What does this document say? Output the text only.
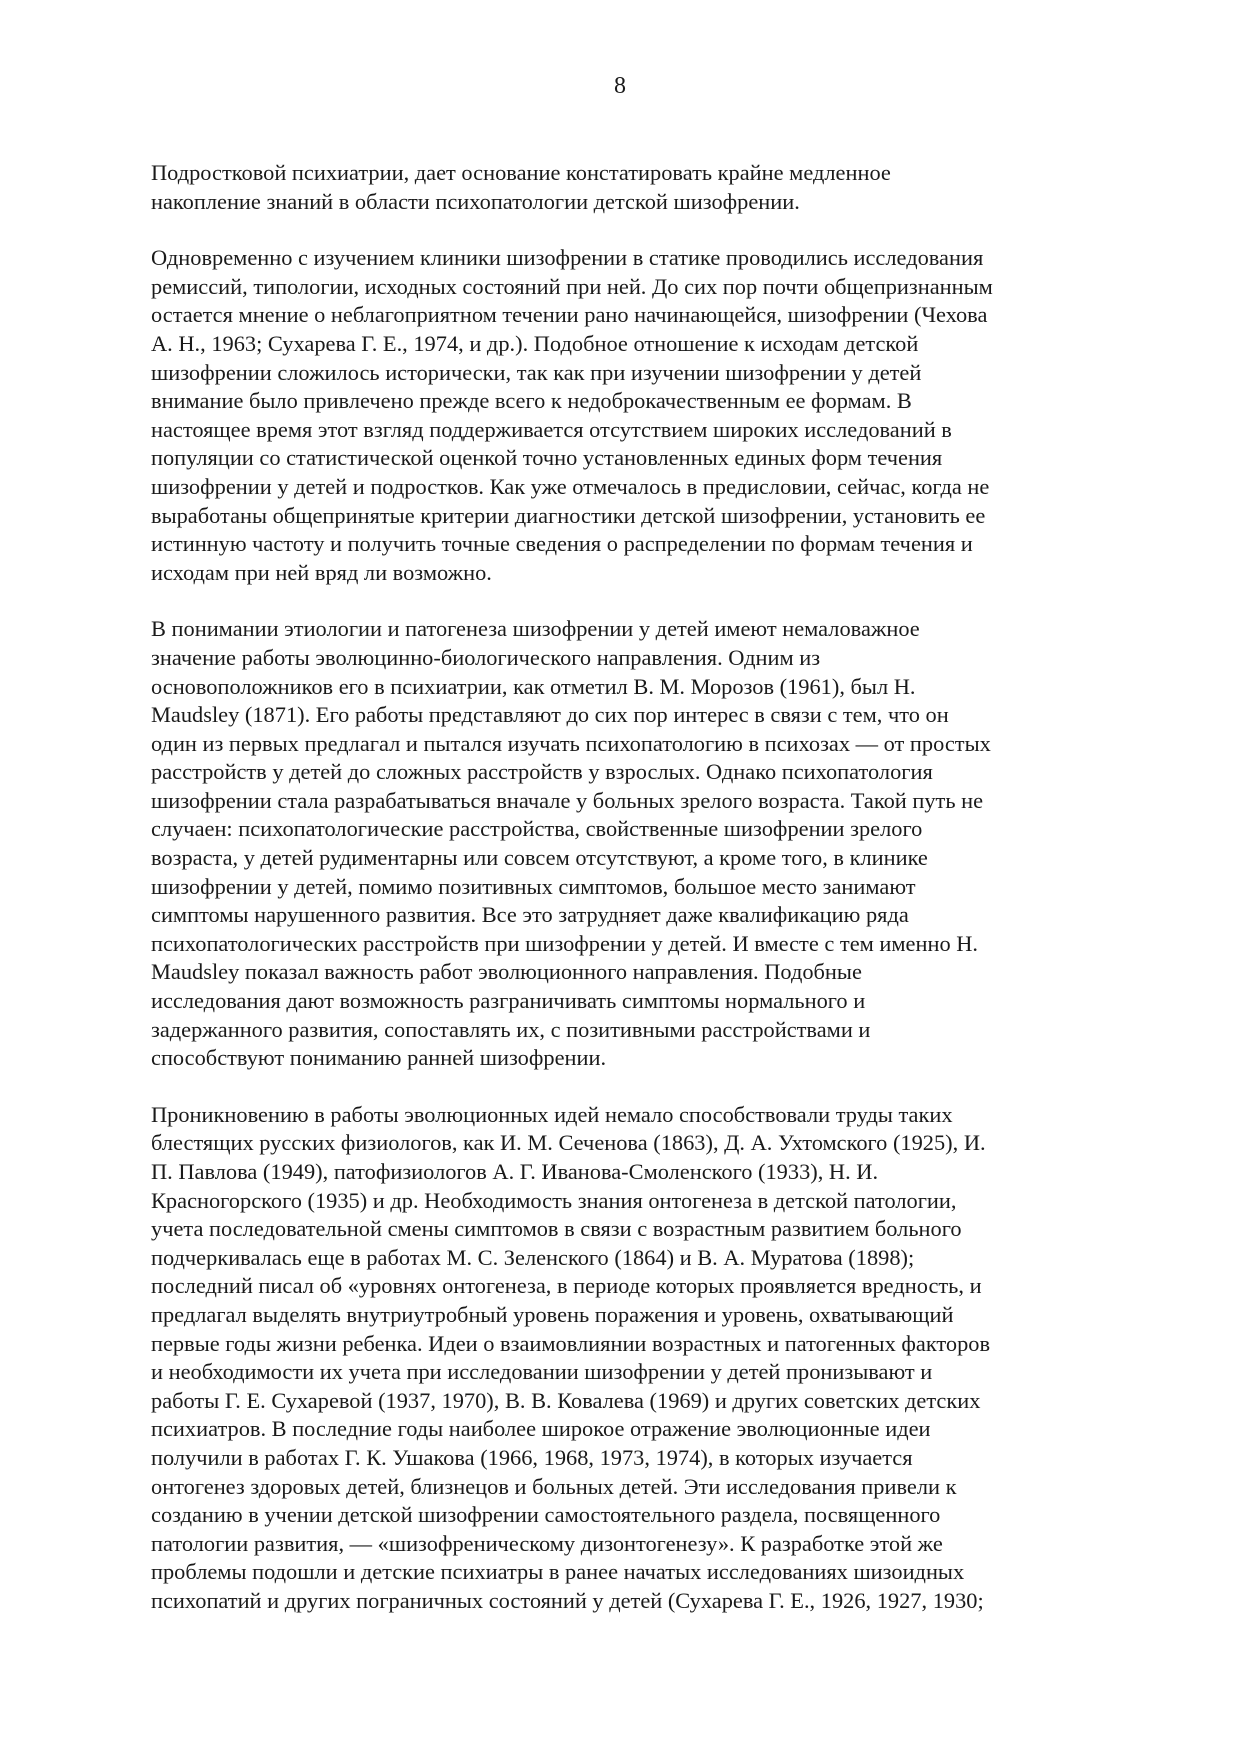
8
Подростковой психиатрии, дает основание констатировать крайне медленное
накопление знаний в области психопатологии детской шизофрении.
Одновременно с изучением клиники шизофрении в статике проводились исследования
ремиссий, типологии, исходных состояний при ней. До сих пор почти общепризнанным
остается мнение о неблагоприятном течении рано начинающейся, шизофрении (Чехова
А. Н., 1963; Сухарева Г. Е., 1974, и др.). Подобное отношение к исходам детской
шизофрении сложилось исторически, так как при изучении шизофрении у детей
внимание было привлечено прежде всего к недоброкачественным ее формам. В
настоящее время этот взгляд поддерживается отсутствием широких исследований в
популяции со статистической оценкой точно установленных единых форм течения
шизофрении у детей и подростков. Как уже отмечалось в предисловии, сейчас, когда не
выработаны общепринятые критерии диагностики детской шизофрении, установить ее
истинную частоту и получить точные сведения о распределении по формам течения и
исходам при ней вряд ли возможно.
В понимании этиологии и патогенеза шизофрении у детей имеют немаловажное
значение работы эволюцинно-биологического направления. Одним из
основоположников его в психиатрии, как отметил В. М. Морозов (1961), был H.
Maudsley (1871). Его работы представляют до сих пор интерес в связи с тем, что он
один из первых предлагал и пытался изучать психопатологию в психозах — от простых
расстройств у детей до сложных расстройств у взрослых. Однако психопатология
шизофрении стала разрабатываться вначале у больных зрелого возраста. Такой путь не
случаен: психопатологические расстройства, свойственные шизофрении зрелого
возраста, у детей рудиментарны или совсем отсутствуют, а кроме того, в клинике
шизофрении у детей, помимо позитивных симптомов, большое место занимают
симптомы нарушенного развития. Все это затрудняет даже квалификацию ряда
психопатологических расстройств при шизофрении у детей. И вместе с тем именно H.
Maudsley показал важность работ эволюционного направления. Подобные
исследования дают возможность разграничивать симптомы нормального и
задержанного развития, сопоставлять их, с позитивными расстройствами и
способствуют пониманию ранней шизофрении.
Проникновению в работы эволюционных идей немало способствовали труды таких
блестящих русских физиологов, как И. М. Сеченова (1863), Д. А. Ухтомского (1925), И.
П. Павлова (1949), патофизиологов А. Г. Иванова-Смоленского (1933), Н. И.
Красногорского (1935) и др. Необходимость знания онтогенеза в детской патологии,
учета последовательной смены симптомов в связи с возрастным развитием больного
подчеркивалась еще в работах М. С. Зеленского (1864) и В. А. Муратова (1898);
последний писал об «уровнях онтогенеза, в периоде которых проявляется вредность, и
предлагал выделять внутриутробный уровень поражения и уровень, охватывающий
первые годы жизни ребенка. Идеи о взаимовлиянии возрастных и патогенных факторов
и необходимости их учета при исследовании шизофрении у детей пронизывают и
работы Г. Е. Сухаревой (1937, 1970), В. В. Ковалева (1969) и других советских детских
психиатров. В последние годы наиболее широкое отражение эволюционные идеи
получили в работах Г. К. Ушакова (1966, 1968, 1973, 1974), в которых изучается
онтогенез здоровых детей, близнецов и больных детей. Эти исследования привели к
созданию в учении детской шизофрении самостоятельного раздела, посвященного
патологии развития, — «шизофреническому дизонтогенезу». К разработке этой же
проблемы подошли и детские психиатры в ранее начатых исследованиях шизоидных
психопатий и других пограничных состояний у детей (Сухарева Г. Е., 1926, 1927, 1930;
